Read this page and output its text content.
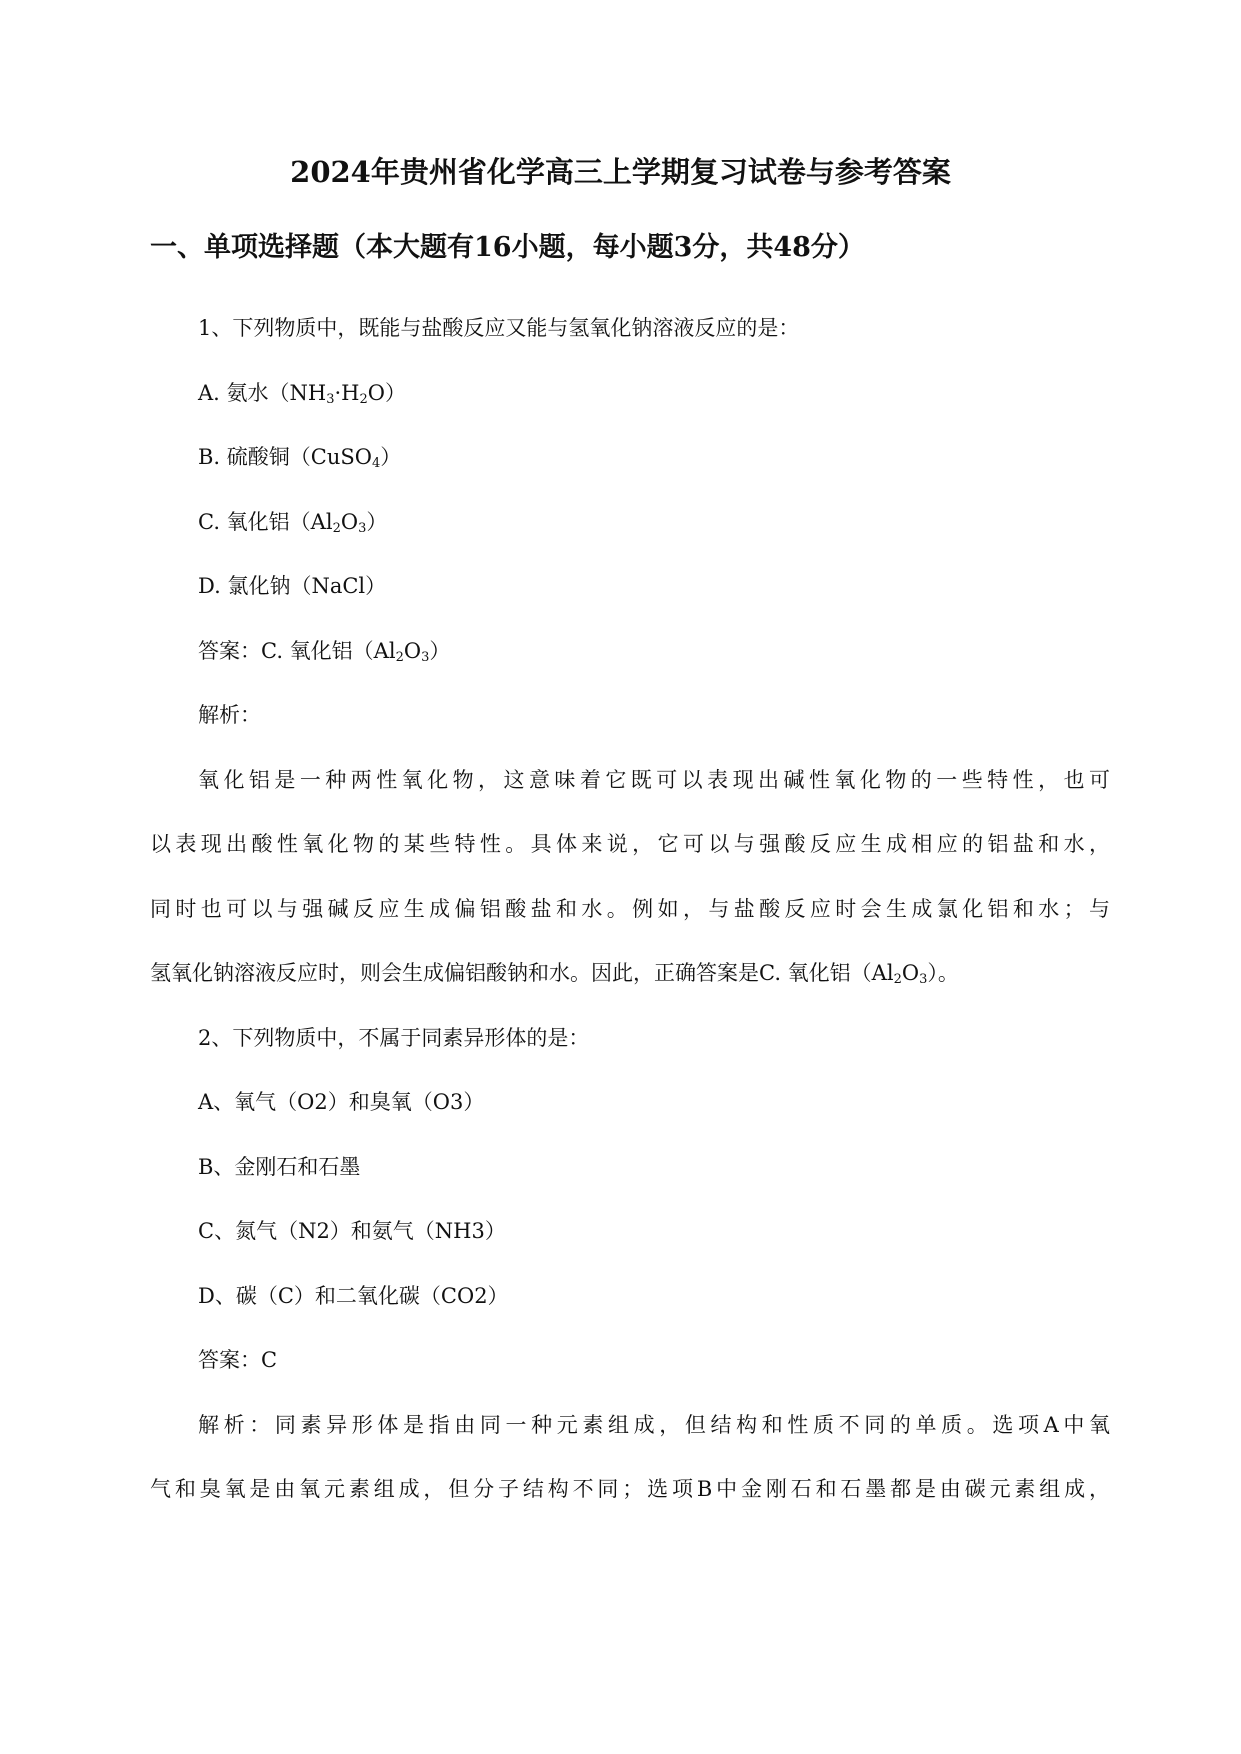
2024年贵州省化学高三上学期复习试卷与参考答案
一、单项选择题（本大题有16小题，每小题3分，共48分）
1、下列物质中，既能与盐酸反应又能与氢氧化钠溶液反应的是：
A. 氨水$(NH_3\cdot H_2O)$
B. 硫酸铜（CuSO$_4$）
C. 氧化铝$(Al_2O_3)$
D. 氯化钠（NaCl）
答案：C. 氧化铝$(Al_2O_3)$
解析：
氧化铝是一种两性氧化物，这意味着它既可以表现出碱性氧化物的一些特性，也可
以表现出酸性氧化物的某些特性。具体来说，它可以与强酸反应生成相应的铝盐和水，
同时也可以与强碱反应生成偏铝酸盐和水。例如，与盐酸反应时会生成氯化铝和水；与
氢氧化钠溶液反应时，则会生成偏铝酸钠和水。因此，正确答案是C. 氧化铝$(Al_2O_3)$。
2、下列物质中，不属于同素异形体的是：
A、氧气（O2）和臭氧（O3）
B、金刚石和石墨
C、氮气（N2）和氨气（NH3）
D、碳（C）和二氧化碳（CO2）
答案：C
解析：同素异形体是指由同一种元素组成，但结构和性质不同的单质。选项A中氧
气和臭氧是由氧元素组成，但分子结构不同；选项B中金刚石和石墨都是由碳元素组成，
